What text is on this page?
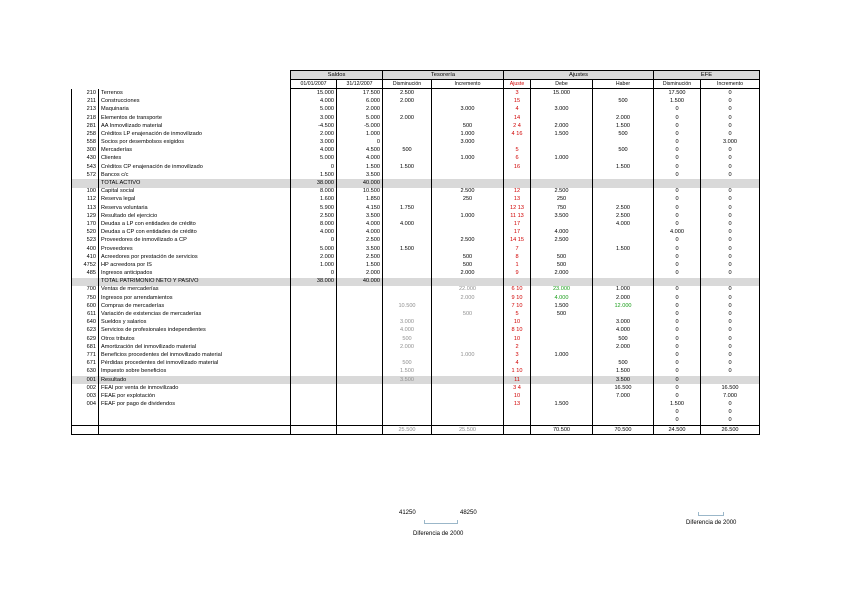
		Saldos		Tesorería		Ajustes			EFE	
		01/01/2007	31/12/2007	Disminución	Incremento	Ajuste	Debe	Haber	Disminución	Incremento
210	Terrenos	15.000	17.500	2.500		3	15.000		17.500	0
211	Construcciones	4.000	6.000	2.000		15		500	1.500	0
213	Maquinaria	5.000	2.000		3.000	4	3.000		0	0
218	Elementos de transporte	3.000	5.000	2.000		14		2.000	0	0
281	AA Inmovilizado material	-4.500	-5.000		500	2 4	2.000	1.500	0	0
258	Créditos LP enajenación de inmovilizado	2.000	1.000		1.000	4 16	1.500	500	0	0
558	Socios por desembolsos exigidos	3.000	0		3.000				0	3.000
300	Mercaderías	4.000	4.500	500		5		500	0	0
430	Clientes	5.000	4.000		1.000	6	1.000		0	0
543	Créditos CP enajenación de inmovilizado	0	1.500	1.500		16		1.500	0	0
572	Bancos c/c	1.500	3.500						0	0
	TOTAL ACTIVO	38.000	40.000							
100	Capital social	8.000	10.500		2.500	12	2.500		0	0
112	Reserva legal	1.600	1.850		250	13	250		0	0
113	Reserva voluntaria	5.900	4.150	1.750		12 13	750	2.500	0	0
129	Resultado del ejercicio	2.500	3.500		1.000	11 13	3.500	2.500	0	0
170	Deudas a LP con entidades de crédito	8.000	4.000	4.000		17		4.000	0	0
520	Deudas a CP con entidades de crédito	4.000	4.000			17	4.000		4.000	0
523	Proveedores de inmovilizado a CP	0	2.500		2.500	14 15	2.500		0	0
400	Proveedores	5.000	3.500	1.500		7		1.500	0	0
410	Acreedores por prestación de servicios	2.000	2.500		500	8	500		0	0
4752	HP acreedora por IS	1.000	1.500		500	1	500		0	0
485	Ingresos anticipados	0	2.000		2.000	9	2.000		0	0
	TOTAL PATRIMONIO NETO Y PASIVO	38.000	40.000							
700	Ventas de mercaderías				22.000	6 10	23.000	1.000	0	0
750	Ingresos por arrendamientos				2.000	9 10	4.000	2.000	0	0
600	Compras de mercaderías			10.500		7 10	1.500	12.000	0	0
611	Variación de existencias de mercaderías				500	5	500		0	0
640	Sueldos y salarios			3.000		10		3.000	0	0
623	Servicios de profesionales independientes			4.000		8 10		4.000	0	0
629	Otros tributos			500		10		500	0	0
681	Amortización del inmovilizado material			2.000		2		2.000	0	0
771	Beneficios procedentes del inmovilizado material				1.000	3	1.000		0	0
671	Pérdidas procedentes del inmovilizado material			500		4		500	0	0
630	Impuesto sobre beneficios			1.500		1 10		1.500	0	0
001	Resultado			3.500		11		3.500	0	
002	FEAI por venta de inmovilizado					3 4		16.500	0	16.500
003	FEAE por explotación					10		7.000	0	7.000
004	FEAF por pago de dividendos					13	1.500		1.500	0
									0	0
									0	0
				25.500	25.500		70.500	70.500	24.500	26.500
41250	48250
Diferencia de 2000
Diferencia de 2000
